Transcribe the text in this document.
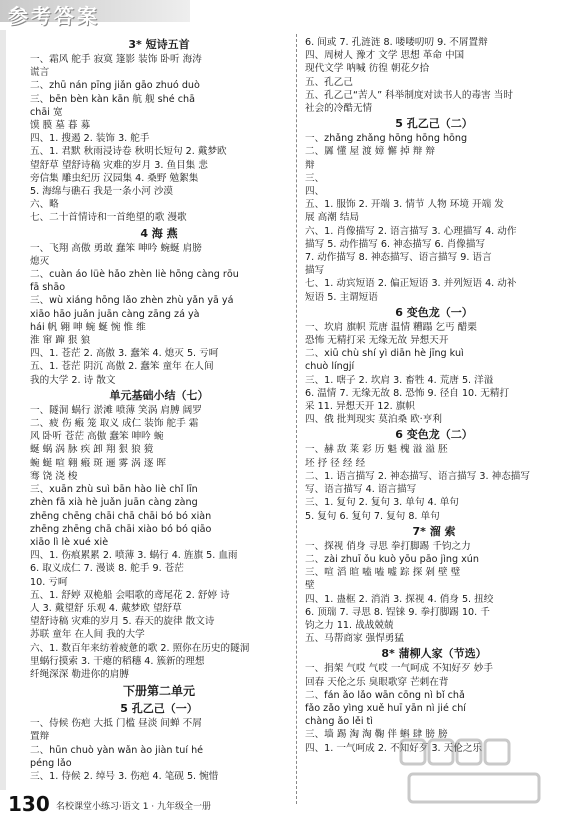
参考答案
3* 短诗五首
一、霜风 舵手 寂寞 篷影 装饰 卧听 海涛
谎言
二、zhū nán pīng jiǎn gāo zhuó duò
三、bēn bèn kàn kān 航 舰 shé chā
chāi 宽
馍 膜 墓 暮 募
四、1. 搜遏 2. 装饰 3. 舵手
五、1. 君默 秋雨浸诗卷 秋明长短句 2. 戴梦欧
望舒草 望舒诗稿 灾难的岁月 3. 鱼目集 悲
旁信集 雕虫纪历 汉园集 4. 桑野 勉絮集
5. 海绵与礁石 我是一条小河 沙漠
六、略
七、二十首情诗和一首绝望的歌 漫歌
4 海 燕
一、飞翔 高傲 勇敢 蠢笨 呻吟 蜿蜒 肩膀
熄灭
二、cuàn áo lüè hǎo zhèn liè hōng càng rōu
fā shāo
三、wù xiáng hōng lǎo zhèn zhù yǎn yā yá
xiāo hāo juǎn juān càng zāng zá yà
hái 帆 翱 呻 蜿 蜒 惋 惟 维
淮 窜 蹿 狠 狼
四、1. 苍茫 2. 高傲 3. 蠢笨 4. 熄灭 5. 亏呵
五、1. 苍茫 阴沉 高傲 2. 蠢笨 童年 在人间
我的大学 2. 诗 散文
单元基础小结（七）
一、隧洞 蜗行 淤滩 喷薄 笑涡 肩膊 阔罗
二、疲 伤 瘢 笼 取义 成仁 装饰 舵手 霜
风 卧听 苍茫 高傲 蠢笨 呻吟 蜿
蜒 蜗 涡 脉 疾 卸 翔 狠 狼 獍
蜿 蜒 喧 翱 瘢 斑 逦 雾 涡 逐 晖
骞 饶 浇 梭
三、xuān zhù suì bān hào liè chǐ līn
zhèn fā xià hè juǎn juān càng zàng
zhēng chēng chāi chā chāi bó bó xiàn
zhēng zhēng chā chāi xiào bó bó qiāo
xiāo lì lè xué xiè
四、1. 伤痕累累 2. 喷薄 3. 蜗行 4. 旌旗 5. 血雨
6. 取义成仁 7. 漫谈 8. 舵手 9. 苍茫
10. 亏呵
五、1. 舒婷 双桅船 会唱歌的鸢尾花 2. 舒婷 诗
人 3. 戴望舒 乐观 4. 戴梦欧 望舒草
望舒诗稿 灾难的岁月 5. 春天的旋律 散文诗
苏联 童年 在人间 我的大学
六、1. 数百年来纺着疲惫的歌 2. 照你在历史的隧洞
里蜗行摸索 3. 干瘪的稻穗 4. 簇新的理想
纤绳深深 勒进你的肩膊
下册第二单元
5 孔乙己（一）
一、侍候 伤疤 大抵 门槛 昼淡 间蝉 不屑
置辩
二、hūn chuò yàn wǎn ào jiàn tuí hé
péng lǎo
三、1. 侍候 2. 绰号 3. 伤疤 4. 笔砚 5. 惋惜
6. 间或 7. 孔涟涟 8. 喽喽叨叨 9. 不屑置辩
四、周树人 豫才 文学 思想 革命 中国
现代文学 呐喊 彷徨 朝花夕拾
五、孔乙己
五、孔乙己“苦人” 科举制度对读书人的毒害 当时
社会的冷酷无情
5 孔乙己（二）
一、zhǎng zhǎng hōng hōng hōng
二、羼 懂 屋 渡 嫜 懈 掉 辩 辩
辩
三、
四、
五、1. 服饰 2. 开端 3. 情节 人物 环境 开端 发
展 高潮 结局
六、1. 肖像描写 2. 语言描写 3. 心理描写 4. 动作
描写 5. 动作描写 6. 神态描写 6. 肖像描写
7. 动作描写 8. 神态描写、语言描写 9. 语言
描写
七、1. 动宾短语 2. 偏正短语 3. 并列短语 4. 动补
短语 5. 主谓短语
6 变色龙（一）
一、坎肩 旗帜 荒唐 温情 糟蹋 乞丐 醋栗
恐怖 无精打采 无缘无故 异想天开
二、xiū chù shí yì diān hè jīng kuì
chuò língjí
三、1. 嗐子 2. 坎肩 3. 畜牲 4. 荒唐 5. 洋溢
6. 温情 7. 无缘无故 8. 恐怖 9. 径自 10. 无精打
采 11. 异想天开 12. 旗帜
四、俄 批判现实 莫泊桑 欧·亨利
6 变色龙（二）
一、赫 敌 莱 彩 历 魁 槐 溢 溢 胚
坯 抒 径 经 经
二、1. 语言描写 2. 神态描写、语言描写 3. 神态描写
写、语言描写 4. 语言描写
三、1. 复句 2. 复句 3. 单句 4. 单句
5. 复句 6. 复句 7. 复句 8. 单句
7* 溜 索
一、探视 俏身 寻思 拳打脚踢 千钧之力
二、zài zhuī ǒu kuò yōu pāo jìng xún
三、喧 滔 暄 嗑 嗑 嘘 踪 探 剁 壁 璧
壁
四、1. 蛊框 2. 消消 3. 探视 4. 俏身 5. 扭绞
6. 顶瑞 7. 寻思 8. 锃铼 9. 拳打脚踢 10. 千
钧之力 11. 战战兢兢
五、马帮商家 强悍勇猛
8* 蒲柳人家（节选）
一、捐架 气哎 气哎 一气呵成 不知好歹 妙手
回春 天伦之乐 臭眼歌穿 芒刺在背
二、fán ǎo lǎo wān cōng nì bǐ chǎ
fǎo zǎo yìng xuě huī yān nì jié chí
chàng ǎo lěi tì
三、墙 踢 淘 淘 鞠 伴 蝌 肆 膀 膀
四、1. 一气呵成 2. 不知好歹 3. 天伦之乐
130 名校课堂小练习·语文 1 · 九年级全一册
